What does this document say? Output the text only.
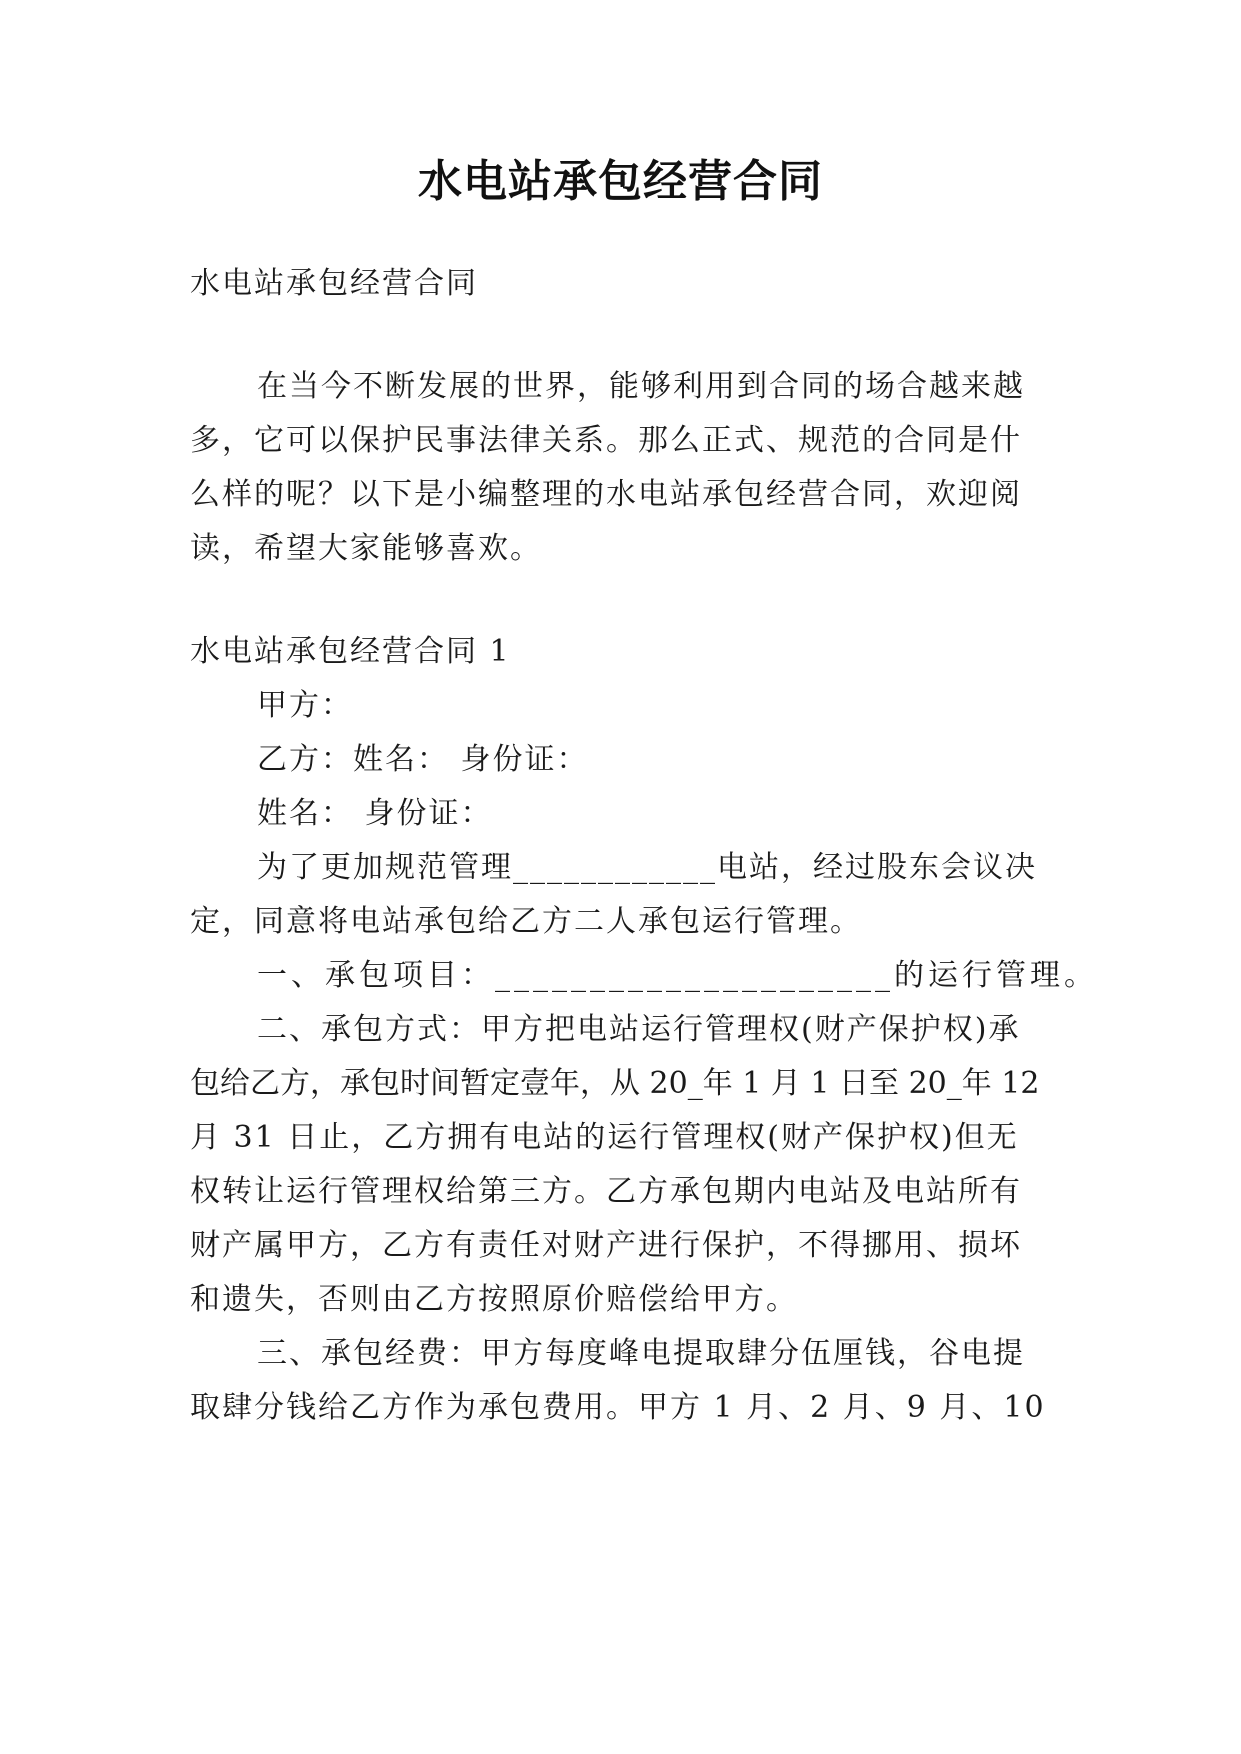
水电站承包经营合同
水电站承包经营合同
在当今不断发展的世界，能够利用到合同的场合越来越
多，它可以保护民事法律关系。那么正式、规范的合同是什
么样的呢？以下是小编整理的水电站承包经营合同，欢迎阅
读，希望大家能够喜欢。
水电站承包经营合同 1
甲方：
乙方：姓名： 身份证：
姓名： 身份证：
为了更加规范管理____________电站，经过股东会议决
定，同意将电站承包给乙方二人承包运行管理。
一、承包项目：_____________________的运行管理。
二、承包方式：甲方把电站运行管理权(财产保护权)承
包给乙方，承包时间暂定壹年，从 20_年 1 月 1 日至 20_年 12
月 31 日止，乙方拥有电站的运行管理权(财产保护权)但无
权转让运行管理权给第三方。乙方承包期内电站及电站所有
财产属甲方，乙方有责任对财产进行保护，不得挪用、损坏
和遗失，否则由乙方按照原价赔偿给甲方。
三、承包经费：甲方每度峰电提取肆分伍厘钱，谷电提
取肆分钱给乙方作为承包费用。甲方 1 月、2 月、9 月、10
